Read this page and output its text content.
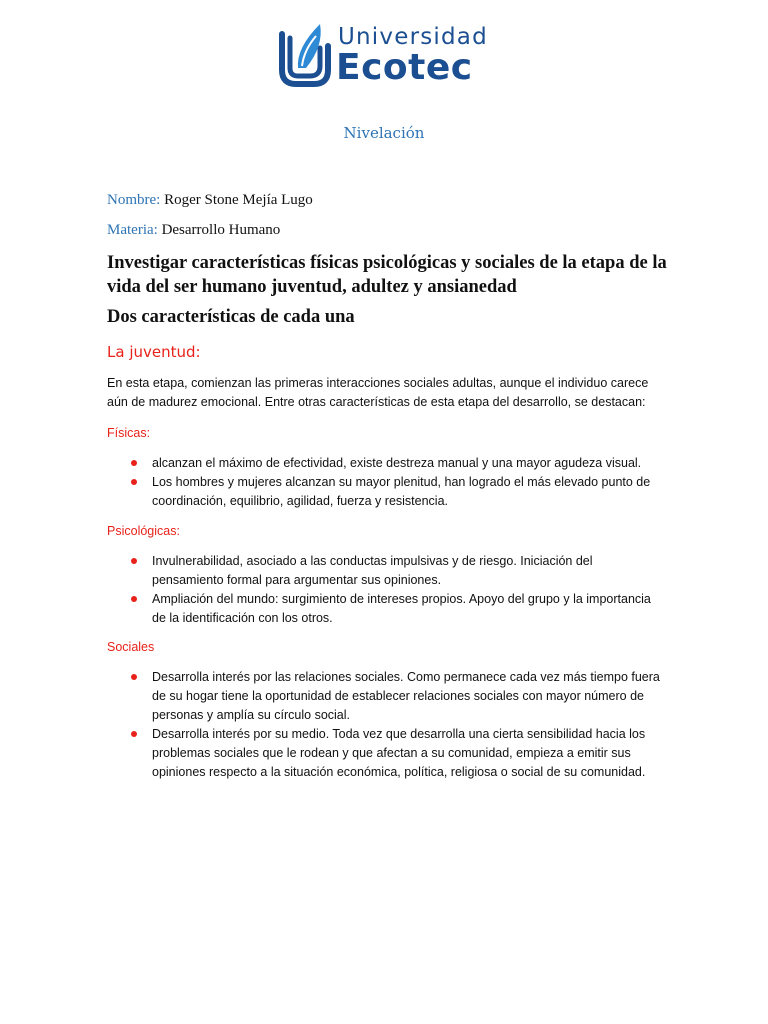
Universidad
Ecotec
Nivelación
Nombre: Roger Stone Mejía Lugo
Materia: Desarrollo Humano
Investigar características físicas psicológicas y sociales de la etapa de la vida del ser humano juventud, adultez y ansianedad
Dos características de cada una
La juventud:
En esta etapa, comienzan las primeras interacciones sociales adultas, aunque el individuo carece aún de madurez emocional. Entre otras características de esta etapa del desarrollo, se destacan:
Físicas:
alcanzan el máximo de efectividad, existe destreza manual y una mayor agudeza visual.
Los hombres y mujeres alcanzan su mayor plenitud, han logrado el más elevado punto de coordinación, equilibrio, agilidad, fuerza y resistencia.
Psicológicas:
Invulnerabilidad, asociado a las conductas impulsivas y de riesgo. Iniciación del pensamiento formal para argumentar sus opiniones.
Ampliación del mundo: surgimiento de intereses propios. Apoyo del grupo y la importancia de la identificación con los otros.
Sociales
Desarrolla interés por las relaciones sociales. Como permanece cada vez más tiempo fuera de su hogar tiene la oportunidad de establecer relaciones sociales con mayor número de personas y amplía su círculo social.
Desarrolla interés por su medio. Toda vez que desarrolla una cierta sensibilidad hacia los problemas sociales que le rodean y que afectan a su comunidad, empieza a emitir sus opiniones respecto a la situación económica, política, religiosa o social de su comunidad.
